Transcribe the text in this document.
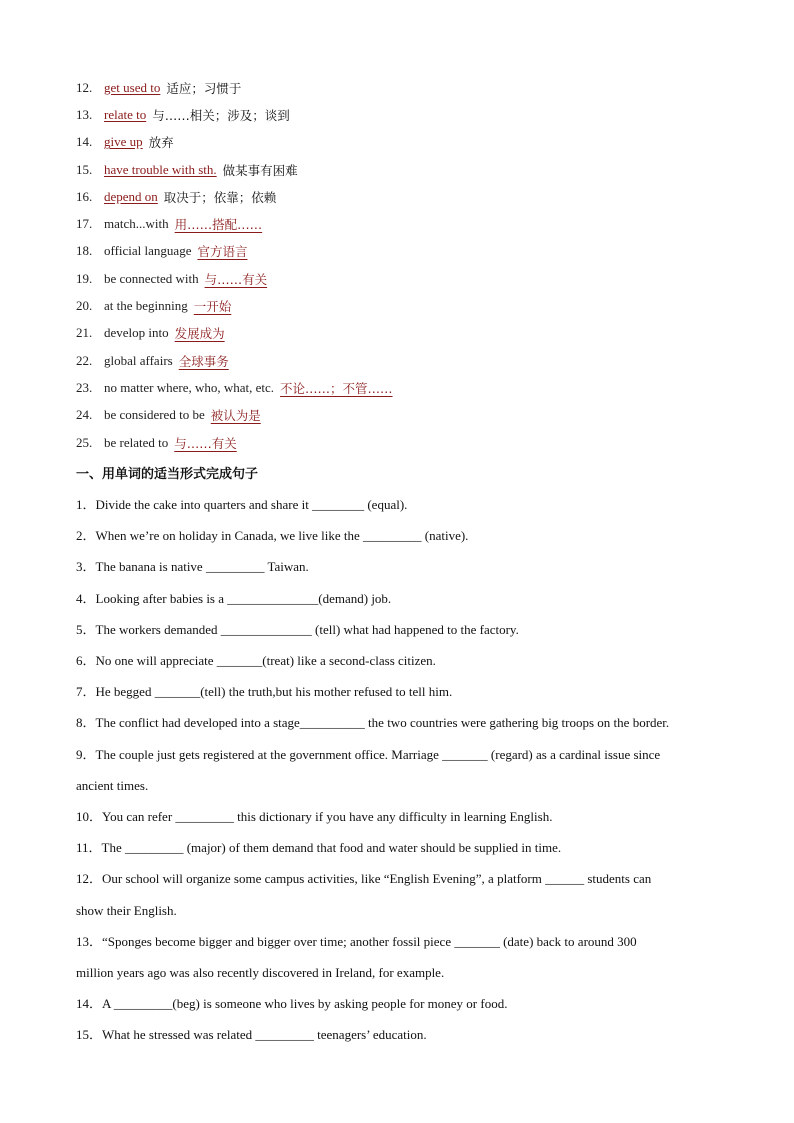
12. get used to 适应；习惯于
13. relate to 与……相关；涉及；谈到
14. give up 放弃
15. have trouble with sth. 做某事有困难
16. depend on 取决于；依靠；依赖
17. match...with 用……搭配……
18. official language 官方语言
19. be connected with 与……有关
20. at the beginning 一开始
21. develop into 发展成为
22. global affairs 全球事务
23. no matter where, who, what, etc. 不论……；不管……
24. be considered to be 被认为是
25. be related to 与……有关
一、用单词的适当形式完成句子
1．Divide the cake into quarters and share it ________ (equal).
2．When we’re on holiday in Canada, we live like the _________ (native).
3．The banana is native _________ Taiwan.
4．Looking after babies is a ______________(demand) job.
5．The workers demanded ______________ (tell) what had happened to the factory.
6．No one will appreciate _______(treat) like a second-class citizen.
7．He begged _______(tell) the truth,but his mother refused to tell him.
8．The conflict had developed into a stage__________ the two countries were gathering big troops on the border.
9．The couple just gets registered at the government office. Marriage _______ (regard) as a cardinal issue since
ancient times.
10．You can refer _________ this dictionary if you have any difficulty in learning English.
11．The _________ (major) of them demand that food and water should be supplied in time.
12．Our school will organize some campus activities, like “English Evening”, a platform ______ students can
show their English.
13．“Sponges become bigger and bigger over time; another fossil piece _______ (date) back to around 300
million years ago was also recently discovered in Ireland, for example.
14．A _________(beg) is someone who lives by asking people for money or food.
15．What he stressed was related _________ teenagers’ education.
